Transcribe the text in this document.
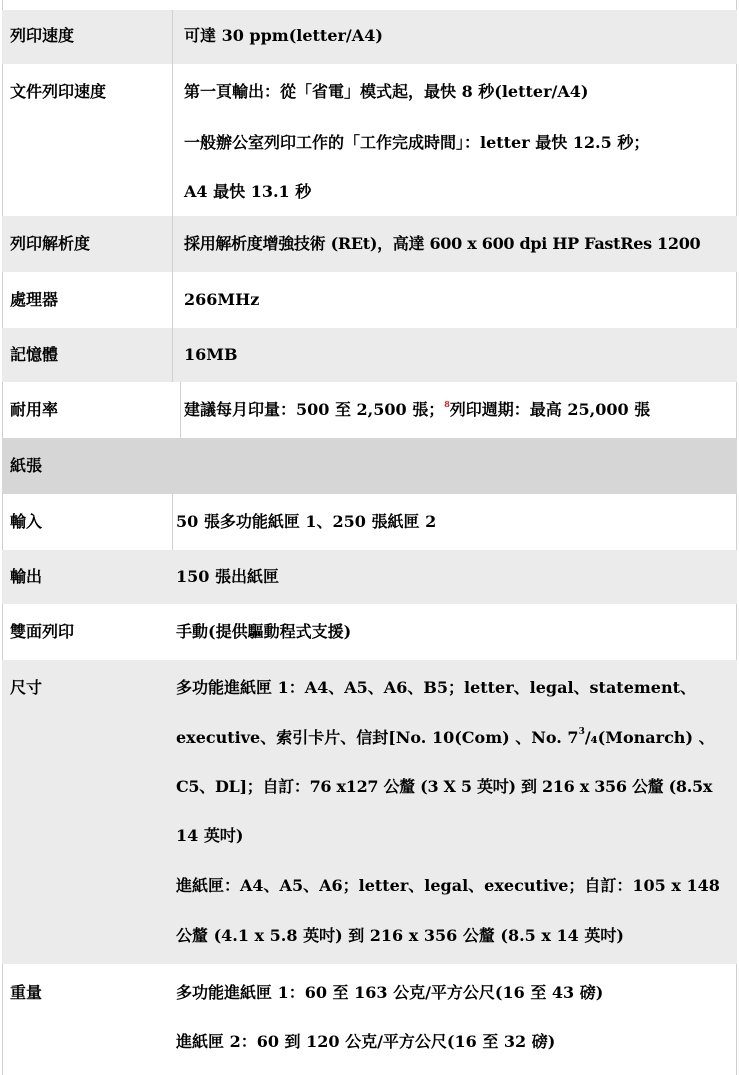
列印速度	可達 30 ppm(letter/A4)
文件列印速度	第一頁輸出：從「省電」模式起，最快 8 秒(letter/A4)
一般辦公室列印工作的「工作完成時間」：letter 最快 12.5 秒；
A4 最快 13.1 秒
列印解析度	採用解析度增強技術 (REt)，高達 600 x 600 dpi HP FastRes 1200
處理器	266MHz
記憶體	16MB
耐用率	建議每月印量：500 至 2,500 張；$^8$列印週期：最高 25,000 張
紙張
輸入	50 張多功能紙匣 1、250 張紙匣 2
輸出	150 張出紙匣
雙面列印	手動(提供驅動程式支援)
尺寸	多功能進紙匣 1：A4、A5、A6、B5；letter、legal、statement、
executive、索引卡片、信封[No. 10(Com) 、No. $7^3/_4(Monarch)$ 、
C5、DL]；自訂：76 x127 公釐 (3 X 5 英吋) 到 216 x 356 公釐 (8.5x
14 英吋)
進紙匣：A4、A5、A6；letter、legal、executive；自訂：105 x 148
公釐 (4.1 x 5.8 英吋) 到 216 x 356 公釐 (8.5 x 14 英吋)
重量	多功能進紙匣 1：60 至 163 公克/平方公尺(16 至 43 磅)
進紙匣 2：60 到 120 公克/平方公尺(16 至 32 磅)
